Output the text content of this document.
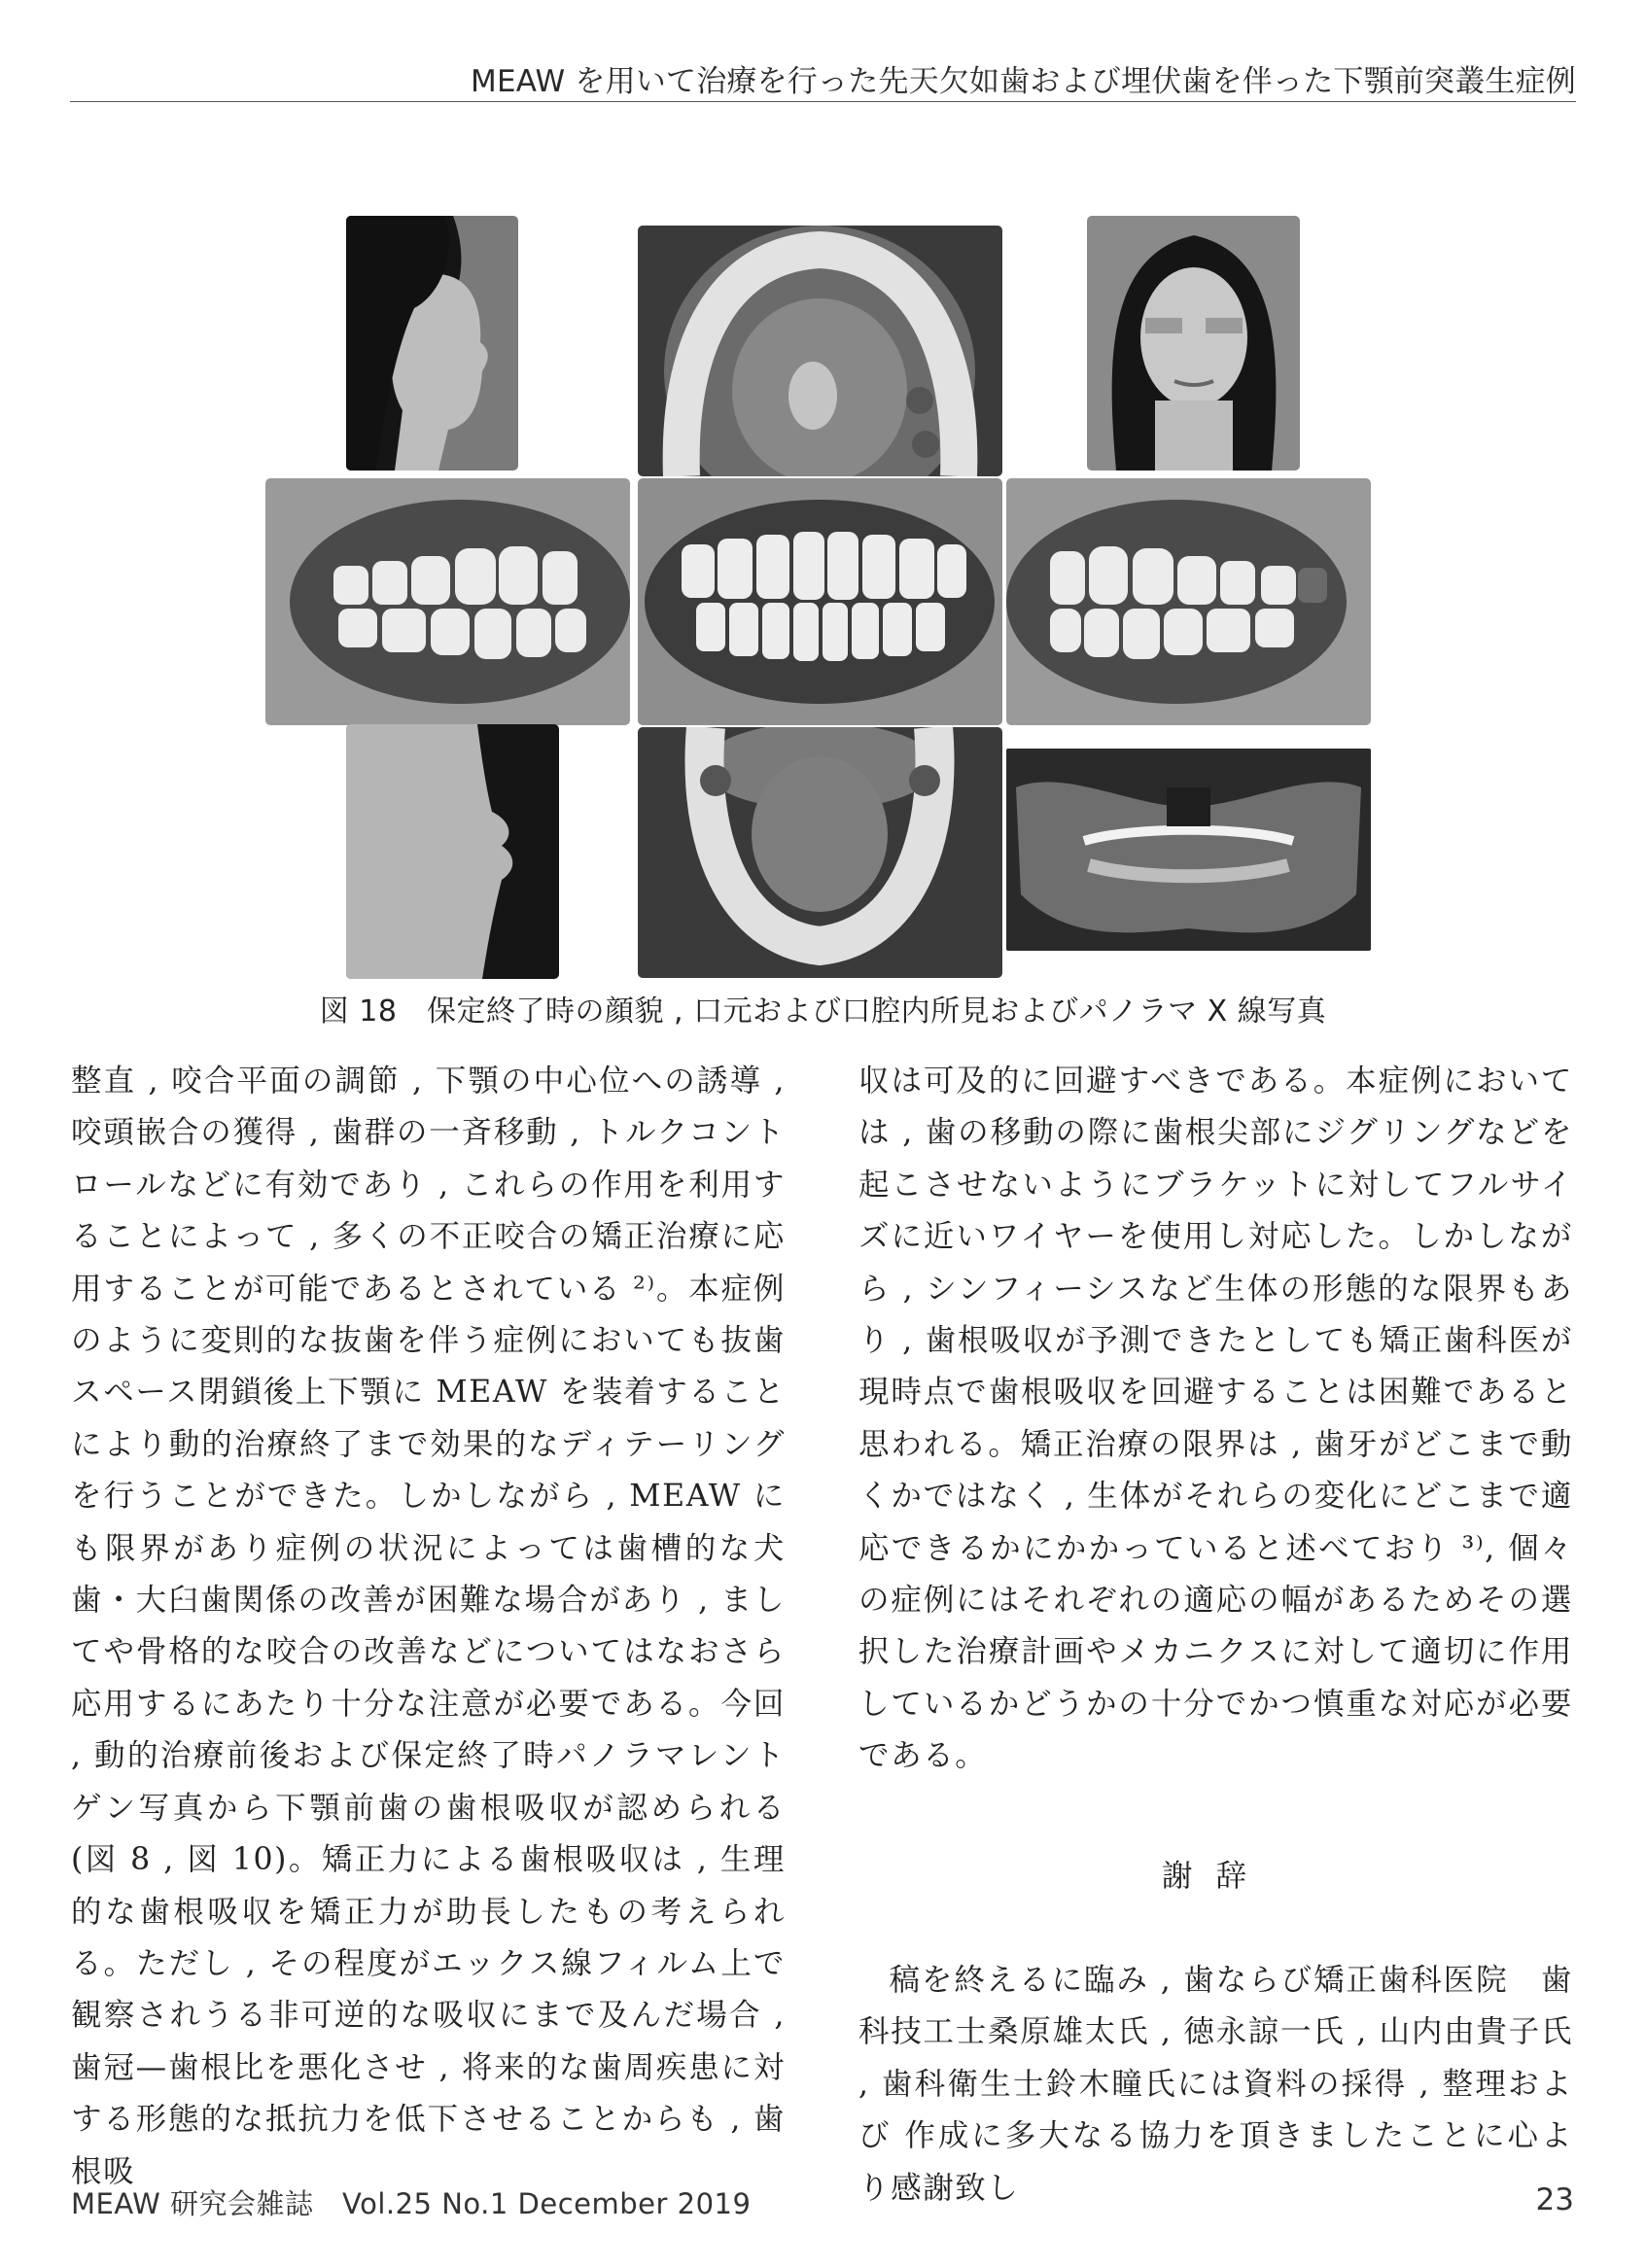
MEAW を用いて治療を行った先天欠如歯および埋伏歯を伴った下顎前突叢生症例
図 18　保定終了時の顔貌 , 口元および口腔内所見およびパノラマ X 線写真

整直 , 咬合平面の調節 , 下顎の中心位への誘導 , 咬頭嵌合の獲得 , 歯群の一斉移動 , トルクコントロールなどに有効であり , これらの作用を利用することによって , 多くの不正咬合の矯正治療に応用することが可能であるとされている ²⁾。本症例のように変則的な抜歯を伴う症例においても抜歯スペース閉鎖後上下顎に MEAW を装着することにより動的治療終了まで効果的なディテーリングを行うことができた。しかしながら , MEAW にも限界があり症例の状況によっては歯槽的な犬歯・大臼歯関係の改善が困難な場合があり , ましてや骨格的な咬合の改善などについてはなおさら応用するにあたり十分な注意が必要である。今回 , 動的治療前後および保定終了時パノラマレントゲン写真から下顎前歯の歯根吸収が認められる (図 8 , 図 10)。矯正力による歯根吸収は , 生理的な歯根吸収を矯正力が助長したもの考えられる。ただし , その程度がエックス線フィルム上で観察されうる非可逆的な吸収にまで及んだ場合 , 歯冠—歯根比を悪化させ , 将来的な歯周疾患に対する形態的な抵抗力を低下させることからも , 歯根吸

収は可及的に回避すべきである。本症例においては , 歯の移動の際に歯根尖部にジグリングなどを起こさせないようにブラケットに対してフルサイズに近いワイヤーを使用し対応した。しかしながら , シンフィーシスなど生体の形態的な限界もあり , 歯根吸収が予測できたとしても矯正歯科医が現時点で歯根吸収を回避することは困難であると思われる。矯正治療の限界は , 歯牙がどこまで動くかではなく , 生体がそれらの変化にどこまで適応できるかにかかっていると述べており ³⁾, 個々の症例にはそれぞれの適応の幅があるためその選択した治療計画やメカニクスに対して適切に作用しているかどうかの十分でかつ慎重な対応が必要である。

謝辞

稿を終えるに臨み , 歯ならび矯正歯科医院　歯科技工士桑原雄太氏 , 徳永諒一氏 , 山内由貴子氏 , 歯科衛生士鈴木瞳氏には資料の採得 , 整理および 作成に多大なる協力を頂きましたことに心より感謝致し

MEAW 研究会雑誌　Vol.25 No.1 December 2019	23
